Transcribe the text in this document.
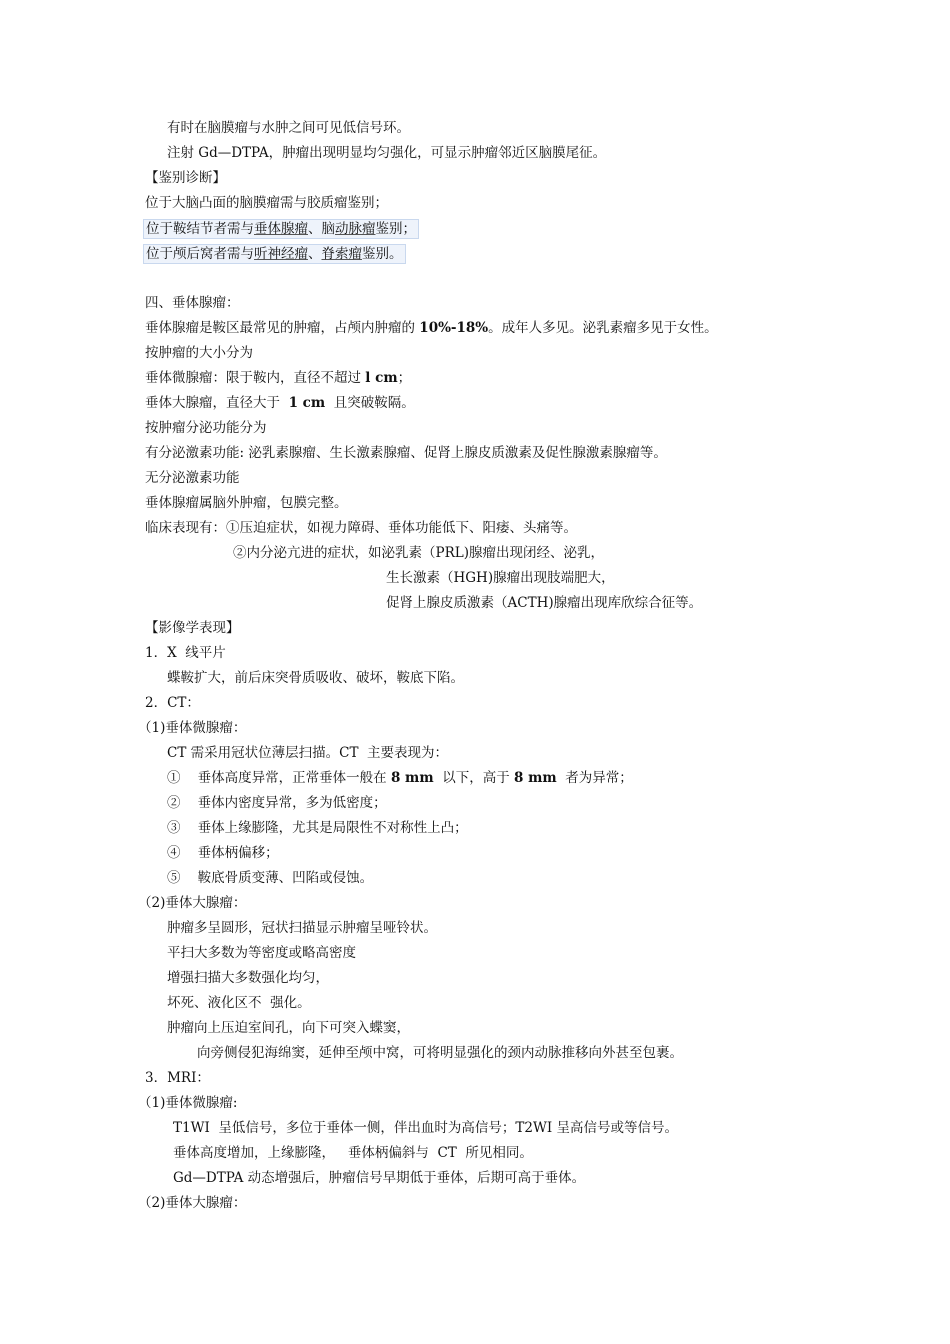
有时在脑膜瘤与水肿之间可见低信号环。
注射 Gd—DTPA，肿瘤出现明显均匀强化，可显示肿瘤邻近区脑膜尾征。
【鉴别诊断】
位于大脑凸面的脑膜瘤需与胶质瘤鉴别；
位于鞍结节者需与垂体腺瘤、脑动脉瘤鉴别；
位于颅后窝者需与听神经瘤、脊索瘤鉴别。
四、垂体腺瘤：
垂体腺瘤是鞍区最常见的肿瘤，占颅内肿瘤的 10%-18%。成年人多见。泌乳素瘤多见于女性。
按肿瘤的大小分为
垂体微腺瘤：限于鞍内，直径不超过 l cm；
垂体大腺瘤，直径大于  1 cm  且突破鞍隔。
按肿瘤分泌功能分为
有分泌激素功能: 泌乳素腺瘤、生长激素腺瘤、促肾上腺皮质激素及促性腺激素腺瘤等。
无分泌激素功能
垂体腺瘤属脑外肿瘤，包膜完整。
临床表现有：①压迫症状，如视力障碍、垂体功能低下、阳痿、头痛等。
②内分泌亢进的症状，如泌乳素（PRL)腺瘤出现闭经、泌乳，
生长激素（HGH)腺瘤出现肢端肥大，
促肾上腺皮质激素（ACTH)腺瘤出现库欣综合征等。
【影像学表现】
1．X  线平片
蝶鞍扩大，前后床突骨质吸收、破坏，鞍底下陷。
2．CT：
（1)垂体微腺瘤：
CT 需采用冠状位薄层扫描。CT  主要表现为：
①    垂体高度异常，正常垂体一般在 8 mm  以下，高于 8 mm  者为异常；
②    垂体内密度异常，多为低密度；
③    垂体上缘膨隆，尤其是局限性不对称性上凸；
④    垂体柄偏移；
⑤    鞍底骨质变薄、凹陷或侵蚀。
（2)垂体大腺瘤：
肿瘤多呈圆形，冠状扫描显示肿瘤呈哑铃状。
平扫大多数为等密度或略高密度
增强扫描大多数强化均匀，
坏死、液化区不  强化。
肿瘤向上压迫室间孔，向下可突入蝶窦，
向旁侧侵犯海绵窦，延伸至颅中窝，可将明显强化的颈内动脉推移向外甚至包裹。
3．MRI：
（1)垂体微腺瘤:
T1WI  呈低信号，多位于垂体一侧，伴出血时为高信号；T2WI 呈高信号或等信号。
垂体高度增加，上缘膨隆，   垂体柄偏斜与  CT  所见相同。
Gd—DTPA 动态增强后，肿瘤信号早期低于垂体，后期可高于垂体。
（2)垂体大腺瘤：
